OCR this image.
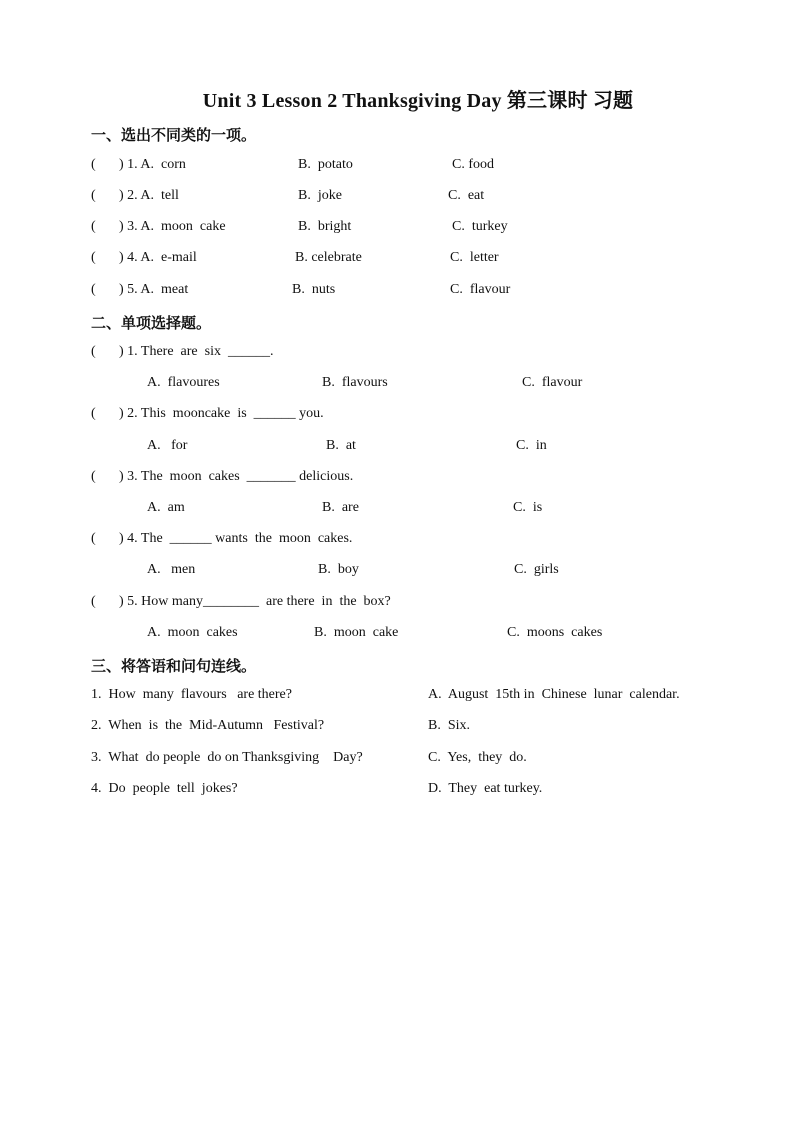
Unit 3 Lesson 2 Thanksgiving Day 第三课时 习题
一、选出不同类的一项。
( ) 1. A.  corn	B.  potato	C. food
( ) 2. A.  tell	B.  joke	C.  eat
( ) 3. A.  moon  cake	B.  bright	C.  turkey
( ) 4. A.  e-mail	B. celebrate	C.  letter
( ) 5. A.  meat	B.  nuts	C.  flavour
二、单项选择题。
( ) 1. There  are  six  ______.
A.  flavoures	B.  flavours	C.  flavour
( ) 2. This  mooncake  is  ______ you.
A.   for	B.  at	C.  in
( ) 3. The  moon  cakes  _______ delicious.
A.  am	B.  are	C.  is
( ) 4. The  ______ wants  the  moon  cakes.
A.   men	B.  boy	C.  girls
( ) 5. How many________  are there  in  the  box?
A.  moon  cakes	B.  moon  cake	C.  moons  cakes
三、将答语和问句连线。
1.  How  many  flavours   are there?	A.  August  15th in  Chinese  lunar  calendar.
2.  When  is  the  Mid-Autumn   Festival?	B.  Six.
3.  What  do people  do on Thanksgiving    Day?	C.  Yes,  they  do.
4.  Do  people  tell  jokes?	D.  They  eat turkey.
